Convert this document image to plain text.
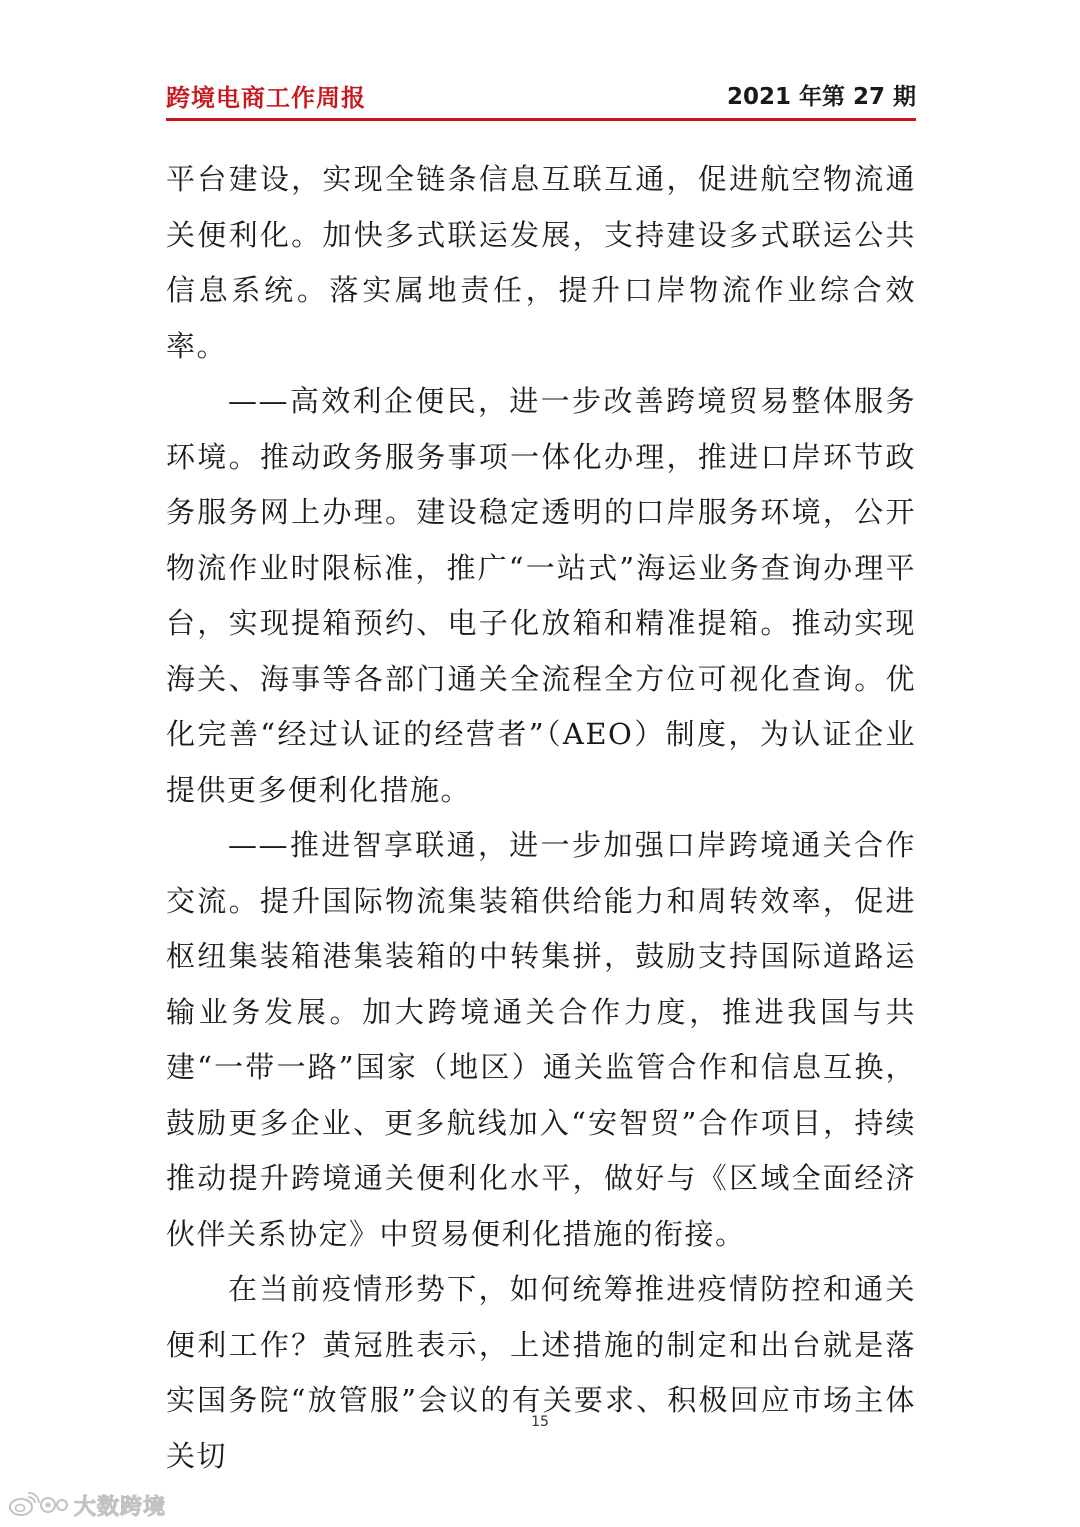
跨境电商工作周报	2021 年第 27 期

平台建设，实现全链条信息互联互通，促进航空物流通关便利化。加快多式联运发展，支持建设多式联运公共信息系统。落实属地责任，提升口岸物流作业综合效率。

——高效利企便民，进一步改善跨境贸易整体服务环境。推动政务服务事项一体化办理，推进口岸环节政务服务网上办理。建设稳定透明的口岸服务环境，公开物流作业时限标准，推广“一站式”海运业务查询办理平台，实现提箱预约、电子化放箱和精准提箱。推动实现海关、海事等各部门通关全流程全方位可视化查询。优化完善“经过认证的经营者”（AEO）制度，为认证企业提供更多便利化措施。

——推进智享联通，进一步加强口岸跨境通关合作交流。提升国际物流集装箱供给能力和周转效率，促进枢纽集装箱港集装箱的中转集拼，鼓励支持国际道路运输业务发展。加大跨境通关合作力度，推进我国与共建“一带一路”国家（地区）通关监管合作和信息互换，鼓励更多企业、更多航线加入“安智贸”合作项目，持续推动提升跨境通关便利化水平，做好与《区域全面经济伙伴关系协定》中贸易便利化措施的衔接。

在当前疫情形势下，如何统筹推进疫情防控和通关便利工作？黄冠胜表示，上述措施的制定和出台就是落实国务院“放管服”会议的有关要求、积极回应市场主体关切

15
大数跨境
